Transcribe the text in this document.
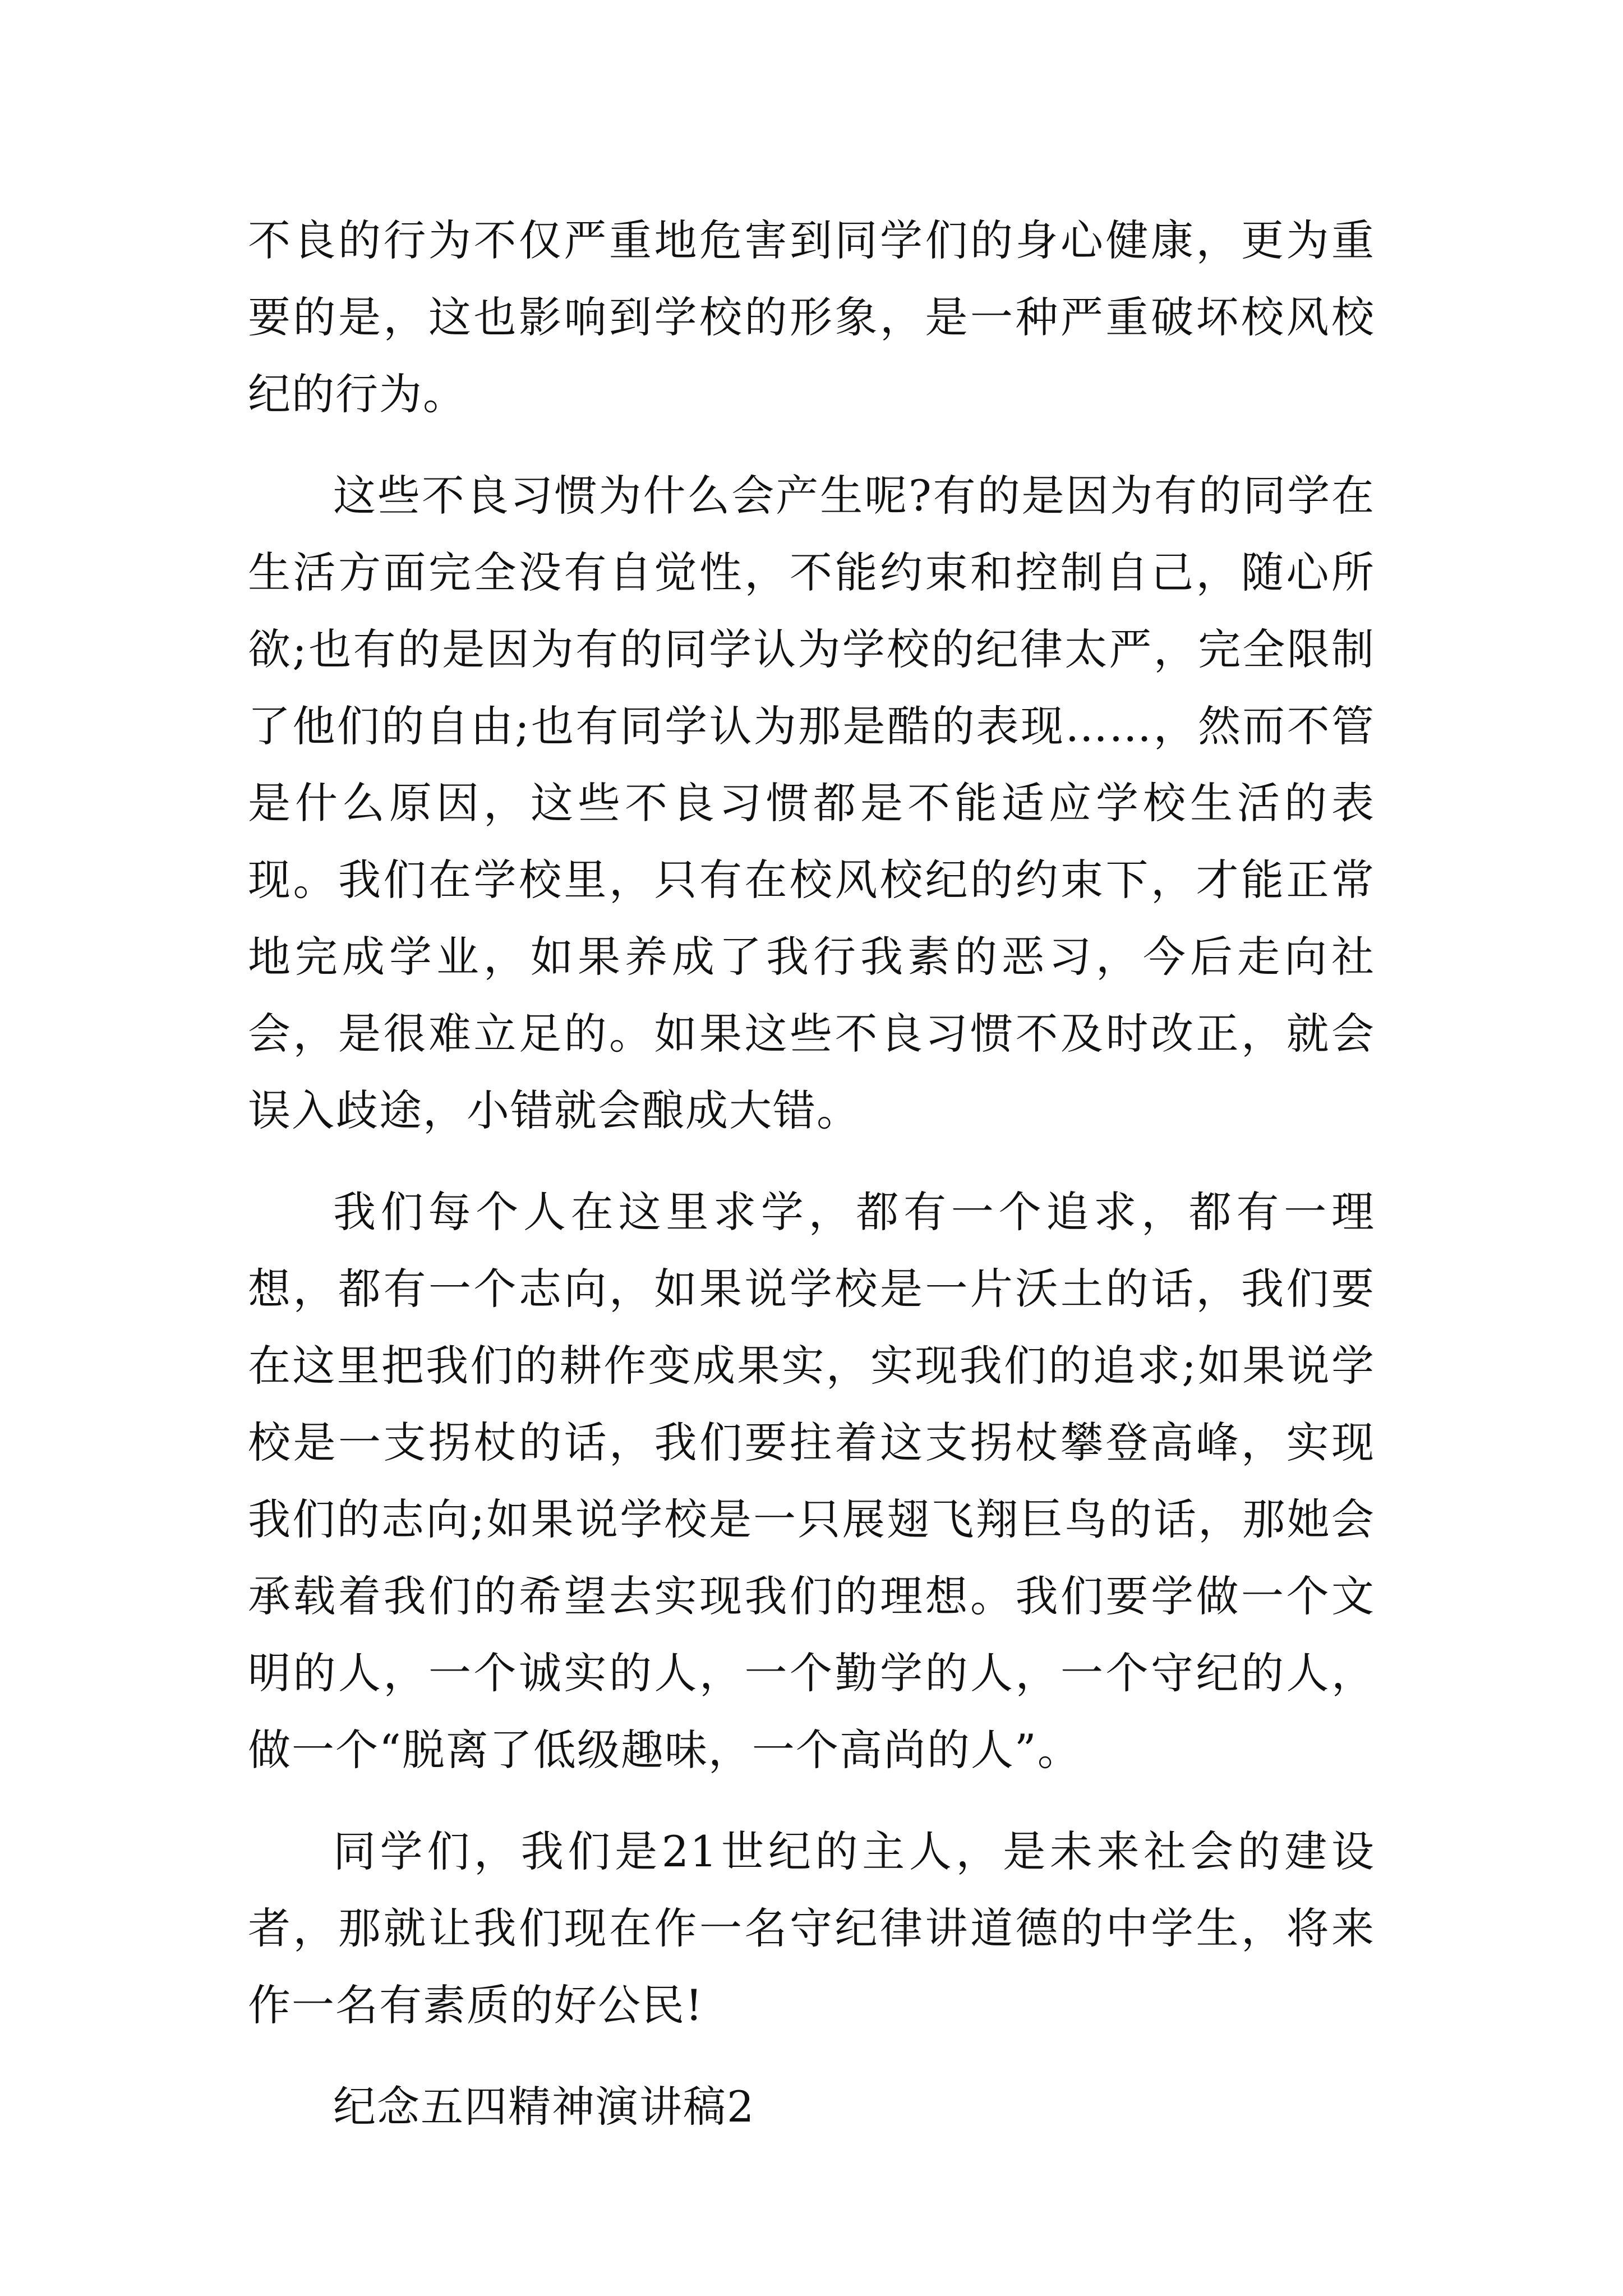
不良的行为不仅严重地危害到同学们的身心健康，更为重要的是，这也影响到学校的形象，是一种严重破坏校风校纪的行为。

这些不良习惯为什么会产生呢?有的是因为有的同学在生活方面完全没有自觉性，不能约束和控制自己，随心所欲;也有的是因为有的同学认为学校的纪律太严，完全限制了他们的自由;也有同学认为那是酷的表现……，然而不管是什么原因，这些不良习惯都是不能适应学校生活的表现。我们在学校里，只有在校风校纪的约束下，才能正常地完成学业，如果养成了我行我素的恶习，今后走向社会，是很难立足的。如果这些不良习惯不及时改正，就会误入歧途，小错就会酿成大错。

我们每个人在这里求学，都有一个追求，都有一理想，都有一个志向，如果说学校是一片沃土的话，我们要在这里把我们的耕作变成果实，实现我们的追求;如果说学校是一支拐杖的话，我们要拄着这支拐杖攀登高峰，实现我们的志向;如果说学校是一只展翅飞翔巨鸟的话，那她会承载着我们的希望去实现我们的理想。我们要学做一个文明的人，一个诚实的人，一个勤学的人，一个守纪的人，做一个“脱离了低级趣味，一个高尚的人”。

同学们，我们是21世纪的主人，是未来社会的建设者，那就让我们现在作一名守纪律讲道德的中学生，将来作一名有素质的好公民!

纪念五四精神演讲稿2
